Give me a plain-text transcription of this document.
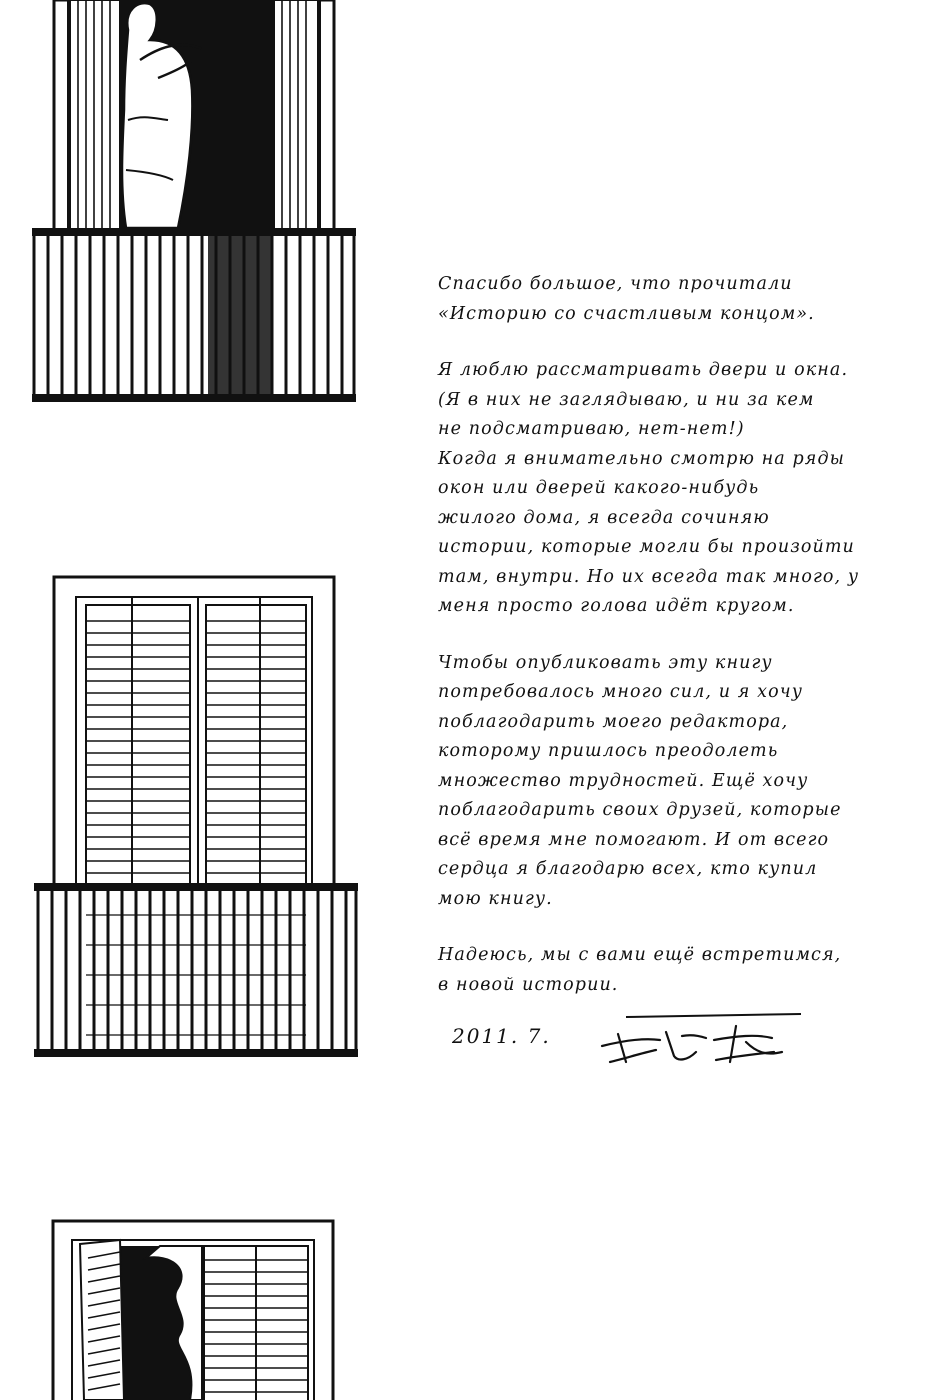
Спасибо большое, что прочитали
«Историю со счастливым концом».

Я люблю рассматривать двери и окна.
(Я в них не заглядываю, и ни за кем
не подсматриваю, нет-нет!)
Когда я внимательно смотрю на ряды
окон или дверей какого-нибудь
жилого дома, я всегда сочиняю
истории, которые могли бы произойти
там, внутри. Но их всегда так много, у
меня просто голова идёт кругом.

Чтобы опубликовать эту книгу
потребовалось много сил, и я хочу
поблагодарить моего редактора,
которому пришлось преодолеть
множество трудностей. Ещё хочу
поблагодарить своих друзей, которые
всё время мне помогают. И от всего
сердца я благодарю всех, кто купил
мою книгу.

Надеюсь, мы с вами ещё встретимся,
в новой истории.

2011. 7.
